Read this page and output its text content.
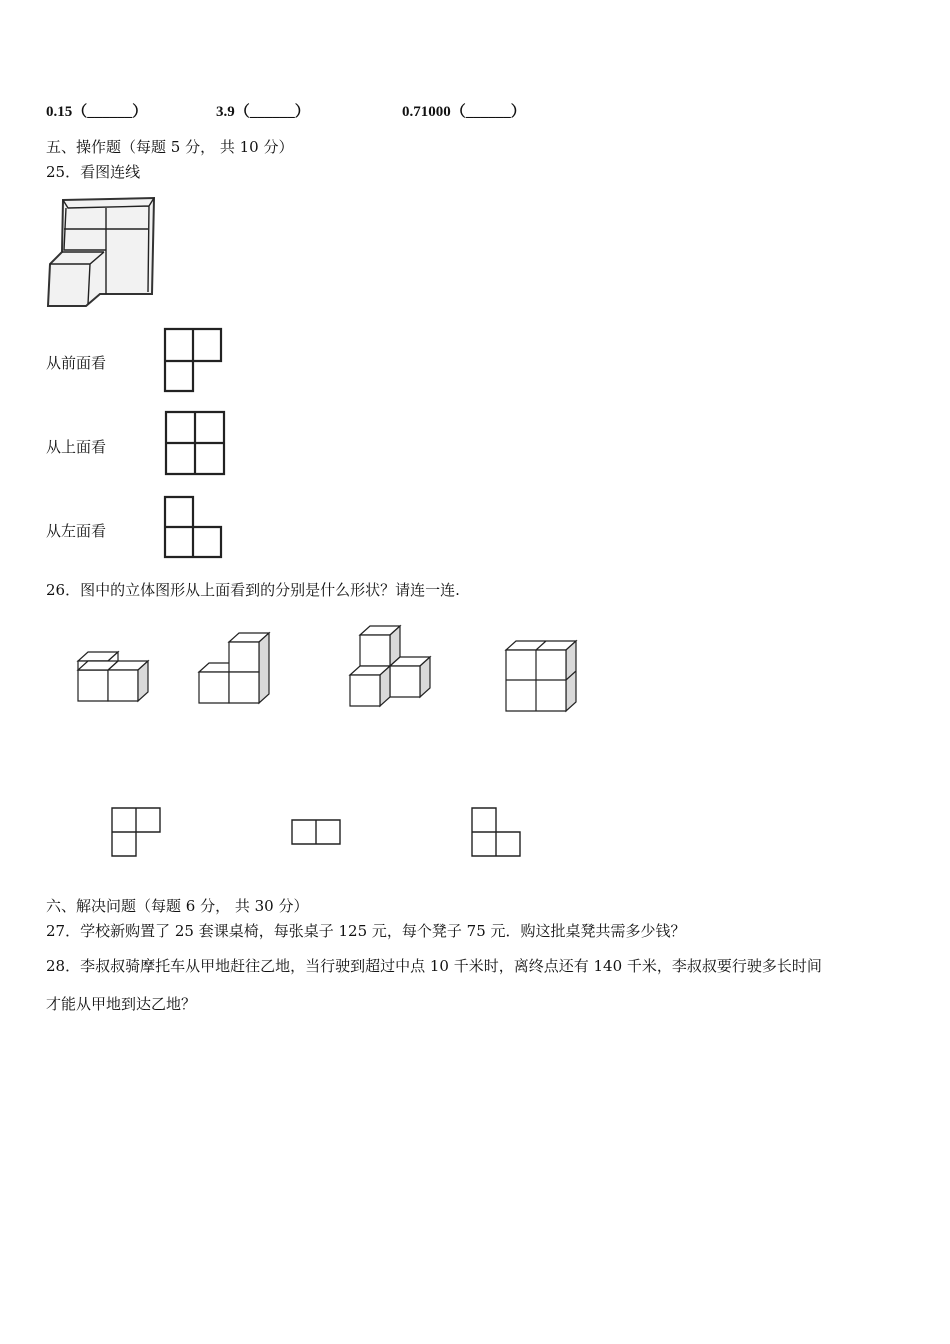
0.15（______）	3.9（______）	0.71000（______）
五、操作题（每题 5 分， 共 10 分）
25．看图连线
从前面看
从上面看
从左面看
26．图中的立体图形从上面看到的分别是什么形状？请连一连.
六、解决问题（每题 6 分， 共 30 分）
27．学校新购置了 25 套课桌椅，每张桌子 125 元，每个凳子 75 元．购这批桌凳共需多少钱？
28．李叔叔骑摩托车从甲地赶往乙地，当行驶到超过中点 10 千米时，离终点还有 140 千米，李叔叔要行驶多长时间
才能从甲地到达乙地？
